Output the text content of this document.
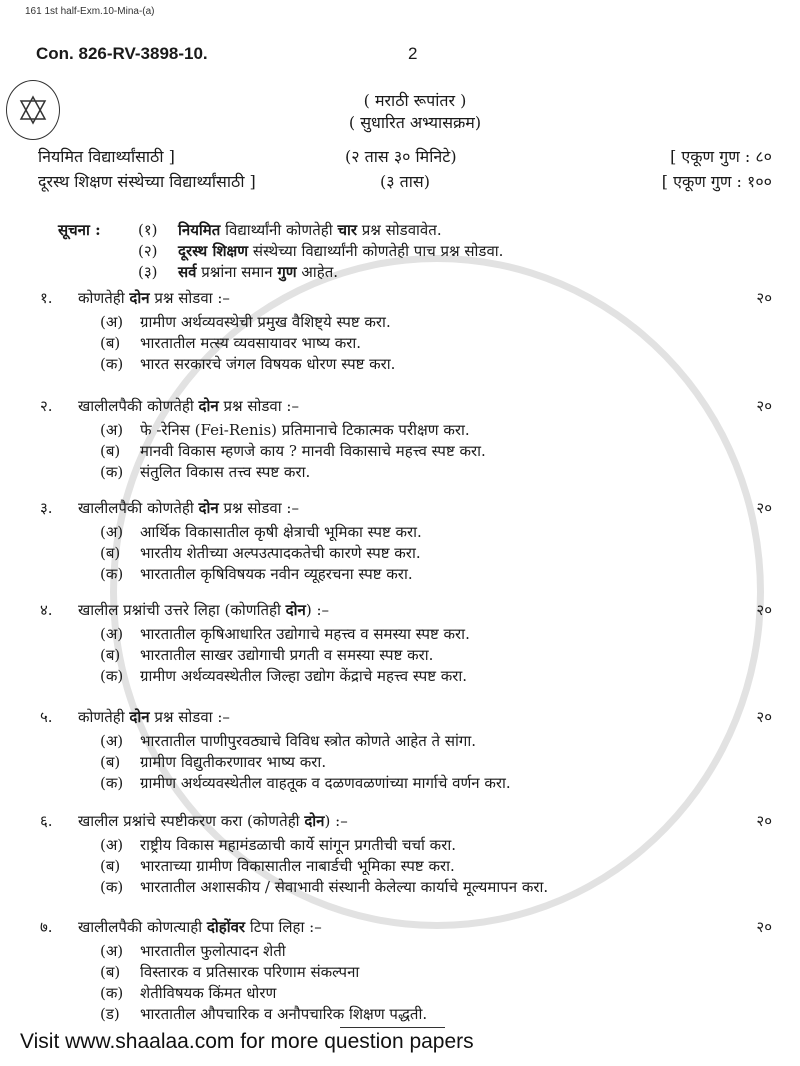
161 1st half-Exm.10-Mina-(a)
Con. 826-RV-3898-10.	2
( मराठी रूपांतर )
( सुधारित अभ्यासक्रम)
नियमित विद्यार्थ्यांसाठी ]	(२ तास ३० मिनिटे)	[ एकूण गुण : ८०
दूरस्थ शिक्षण संस्थेच्या विद्यार्थ्यांसाठी ]	(३ तास)	[ एकूण गुण : १००
सूचना : (१) नियमित विद्यार्थ्यांनी कोणतेही चार प्रश्न सोडवावेत.
(२) दूरस्थ शिक्षण संस्थेच्या विद्यार्थ्यांनी कोणतेही पाच प्रश्न सोडवा.
(३) सर्व प्रश्नांना समान गुण आहेत.
१. कोणतेही दोन प्रश्न सोडवा :–	२०
(अ) ग्रामीण अर्थव्यवस्थेची प्रमुख वैशिष्ट्ये स्पष्ट करा.
(ब) भारतातील मत्स्य व्यवसायावर भाष्य करा.
(क) भारत सरकारचे जंगल विषयक धोरण स्पष्ट करा.
२. खालीलपैकी कोणतेही दोन प्रश्न सोडवा :–	२०
(अ) फे -रेनिस (Fei-Renis) प्रतिमानाचे टिकात्मक परीक्षण करा.
(ब) मानवी विकास म्हणजे काय ? मानवी विकासाचे महत्त्व स्पष्ट करा.
(क) संतुलित विकास तत्त्व स्पष्ट करा.
३. खालीलपैकी कोणतेही दोन प्रश्न सोडवा :–	२०
(अ) आर्थिक विकासातील कृषी क्षेत्राची भूमिका स्पष्ट करा.
(ब) भारतीय शेतीच्या अल्पउत्पादकतेची कारणे स्पष्ट करा.
(क) भारतातील कृषिविषयक नवीन व्यूहरचना स्पष्ट करा.
४. खालील प्रश्नांची उत्तरे लिहा (कोणतिही दोन) :–	२०
(अ) भारतातील कृषिआधारित उद्योगाचे महत्त्व व समस्या स्पष्ट करा.
(ब) भारतातील साखर उद्योगाची प्रगती व समस्या स्पष्ट करा.
(क) ग्रामीण अर्थव्यवस्थेतील जिल्हा उद्योग केंद्राचे महत्त्व स्पष्ट करा.
५. कोणतेही दोन प्रश्न सोडवा :–	२०
(अ) भारतातील पाणीपुरवठ्याचे विविध स्त्रोत कोणते आहेत ते सांगा.
(ब) ग्रामीण विद्युतीकरणावर भाष्य करा.
(क) ग्रामीण अर्थव्यवस्थेतील वाहतूक व दळणवळणांच्या मार्गाचे वर्णन करा.
६. खालील प्रश्नांचे स्पष्टीकरण करा (कोणतेही दोन) :–	२०
(अ) राष्ट्रीय विकास महामंडळाची कार्ये सांगून प्रगतीची चर्चा करा.
(ब) भारताच्या ग्रामीण विकासातील नाबार्डची भूमिका स्पष्ट करा.
(क) भारतातील अशासकीय / सेवाभावी संस्थानी केलेल्या कार्याचे मूल्यमापन करा.
७. खालीलपैकी कोणत्याही दोहोंवर टिपा लिहा :–	२०
(अ) भारतातील फुलोत्पादन शेती
(ब) विस्तारक व प्रतिसारक परिणाम संकल्पना
(क) शेतीविषयक किंमत धोरण
(ड) भारतातील औपचारिक व अनौपचारिक शिक्षण पद्धती.
Visit www.shaalaa.com for more question papers
